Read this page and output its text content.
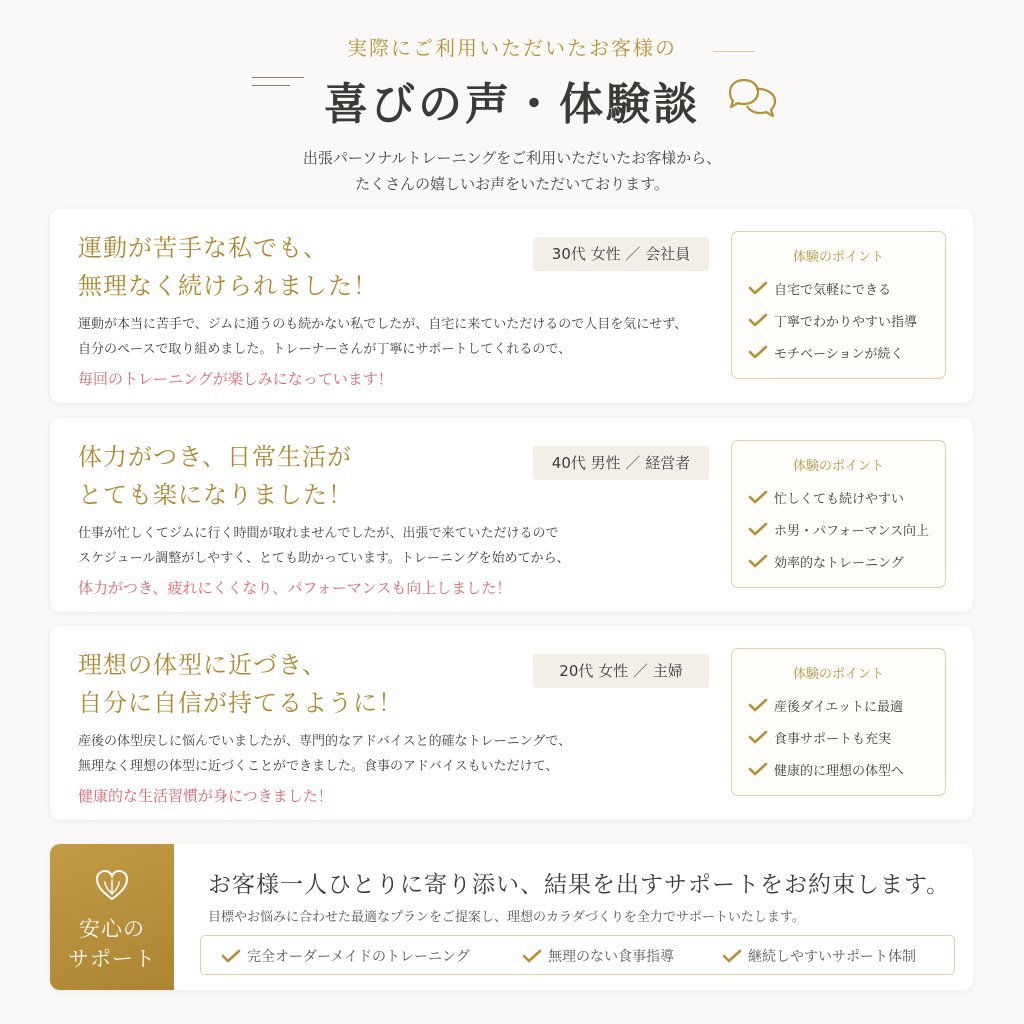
実際にご利用いただいたお客様の
喜びの声・体験談

出張パーソナルトレーニングをご利用いただいたお客様から、
たくさんの嬉しいお声をいただいております。

運動が苦手な私でも、
無理なく続けられました！
30代 女性 ／ 会社員
運動が本当に苦手で、ジムに通うのも続かない私でしたが、自宅に来ていただけるので人目を気にせず、
自分のペースで取り組めました。トレーナーさんが丁寧にサポートしてくれるので、
毎回のトレーニングが楽しみになっています！
体験のポイント
自宅で気軽にできる
丁寧でわかりやすい指導
モチベーションが続く
体力がつき、日常生活が
とても楽になりました！
40代 男性 ／ 経営者
仕事が忙しくてジムに行く時間が取れませんでしたが、出張で来ていただけるので
スケジュール調整がしやすく、とても助かっています。トレーニングを始めてから、
体力がつき、疲れにくくなり、パフォーマンスも向上しました！
体験のポイント
忙しくても続けやすい
ホ男・パフォーマンス向上
効率的なトレーニング
理想の体型に近づき、
自分に自信が持てるように！
20代 女性 ／ 主婦
産後の体型戻しに悩んでいましたが、専門的なアドバイスと的確なトレーニングで、
無理なく理想の体型に近づくことができました。食事のアドバイスもいただけて、
健康的な生活習慣が身につきました！
体験のポイント
産後ダイエットに最適
食事サポートも充実
健康的に理想の体型へ
安心の
サポート
お客様一人ひとりに寄り添い、結果を出すサポートをお約束します。
目標やお悩みに合わせた最適なプランをご提案し、理想のカラダづくりを全力でサポートいたします。
完全オーダーメイドのトレーニング	無理のない食事指導	継続しやすいサポート体制
